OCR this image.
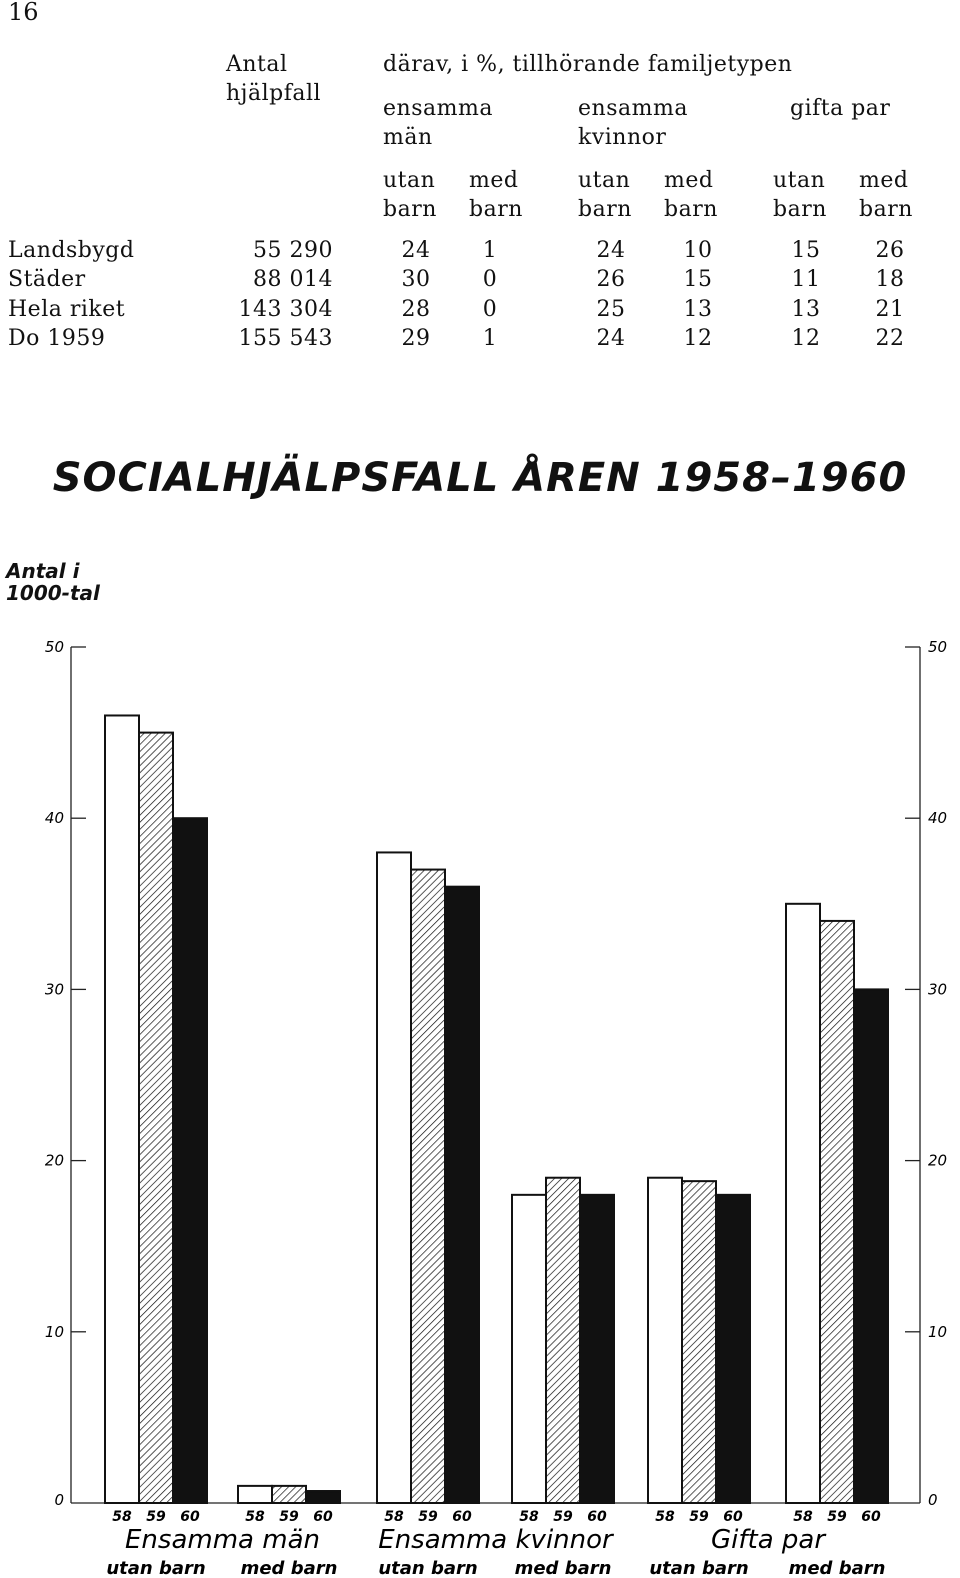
16
Antal
hjälpfall
därav, i %, tillhörande familjetypen
ensamma
män
ensamma
kvinnor
gifta par
utan
barn
med
barn
utan
barn
med
barn
utan
barn
med
barn
Landsbygd	55 290	24	1	24	10	15	26
Städer	88 014	30	0	26	15	11	18
Hela riket	143 304	28	0	25	13	13	21
Do 1959	155 543	29	1	24	12	12	22
SOCIALHJÄLPSFALL ÅREN 1958–1960
Antal i
1000-tal
0	0
10	10
20	20
30	30
40	40
50	50
58 59 60	58 59 60	58 59 60	58 59 60	58 59 60	58 59 60
Ensamma män Ensamma kvinnor	Gifta par
utan barn med barn utan barn med barn utan barn med barn
